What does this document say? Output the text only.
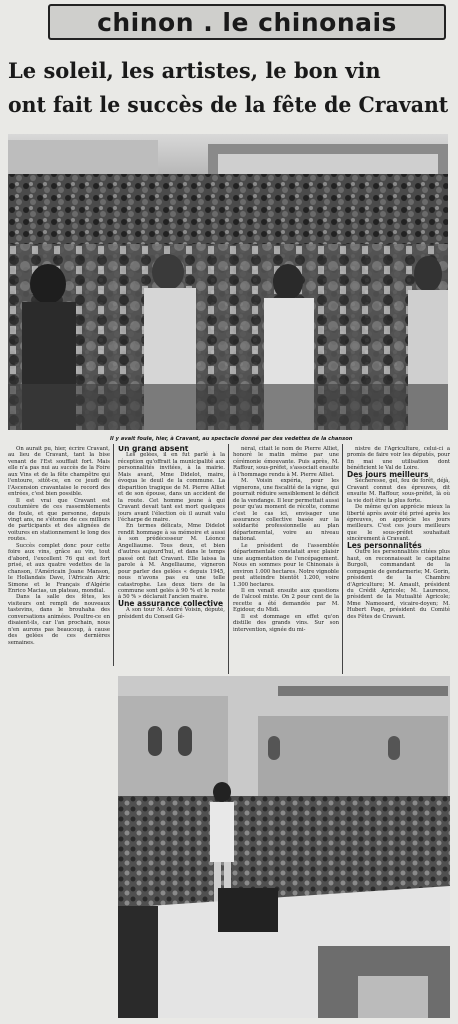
chinon . le chinonais
Le soleil, les artistes, le bon vin
ont fait le succès de la fête de Cravant
Il y avait foule, hier, à Cravant, au spectacle donné par des vedettes de la chanson

On aurait pu, hier, écrire Cravant, au lieu de Cravant, tant la bise venant de l'Est soufflait fort. Mais elle n'a pas nui au succès de la Foire aux Vins et de la fête champêtre qui l'entoure, sitôt-ce, en ce jeudi de l'Ascension cravantaise le record des entrées, c'est bien possible.

Il est vrai que Cravant est coutumière de ces rassemblements de foule, et que personne, depuis vingt ans, ne s'étonne de ces milliers de participants et des alignées de voitures en stationnement le long des routes.

Succès complet donc pour cette foire aux vins, grâce au vin, tout d'abord, l'excellent 76 qui est fort prisé, et aux quatre vedettes de la chanson, l'Américain Joane Manson, le Hollandais Dave, l'Africain Afric Simone et le Français d'Algérie Enrico Macias, un plateau, mondial.

Dans la salle des fêtes, les visiteurs ont rempli de nouveaux tastevins, dans le brouhaha des conversations animées. Poultre-ce en disaient-ils, car l'an prochain, nous n'en aurons pas beaucoup, à cause des gelées de ces dernières semaines.

Un grand absent

Les gelées, il en fut parlé à la réception qu'offrait la municipalité aux personnalités invitées, à la mairie. Mais avant, Mme Didelot, maire, évoqua le deuil de la commune. La disparition tragique de M. Pierre Alliet et de son épouse, dans un accident de la route. Cet homme jeune à qui Cravant devait tant est mort quelques jours avant l'élection où il aurait valu l'écharpe de maire.

En termes délicats, Mme Didelot rendit hommage à sa mémoire et aussi à son prédécesseur M. Léonce Angelliaume. Tous deux, et bien d'autres aujourd'hui, et dans le temps passé ont fait Cravant. Elle laissa la parole à M. Angelliaume, vigneron pour parler des gelées « depuis 1945, nous n'avons pas eu une telle catastrophe. Les deux tiers de la commune sont gelés à 90 % et le reste à 50 % » déclarait l'ancien maire.

Une assurance collective

A son tour M. André Voisin, député, président du Conseil Gé-

néral, citait le nom de Pierre Alliet, honoré le matin même par une cérémonie émouvante. Puis après, M. Raffour, sous-préfet, s'associait ensuite à l'hommage rendu à M. Pierre Alliet.

M. Voisin expéria, pour les vignerons, une fiscalité de la vigne, qui pourrait réduire sensiblement le déficit de la vendange. Il leur permettait aussi pour qu'au moment de récolte, comme c'est le cas ici, envisager une assurance collective basée sur la solidarité professionnelle au plan départemental, voire au niveau national.

Le président de l'assemblée départementale constatait avec plaisir une augmentation de l'encépagement. Nous en sommes pour le Chinonais à environ 1.000 hectares. Notre vignoble peut atteindre bientôt 1.200, voire 1.300 hectares.

Il en venait ensuite aux questions de l'alcool mixte. On 2 pour cent de la recette a été demandée par M. Egidour, du Midi.

Il est dommage en effet qu'on distille des grands vins. Sur son intervention, signée du mi-

nistre de l'Agriculture, celui-ci a promis de faire voir les députés, pour fin mai une utilisation dont bénéficient le Val de Loire.

Des jours meilleurs

Sécheresse, gel, feu de forêt, déjà, Cravant connut des épreuves, dit ensuite M. Raffour, sous-préfet, là où la vie doit être la plus forte.

De même qu'on apprécie mieux la liberté après avoir été privé après les épreuves, on apprécie les jours meilleurs. C'est ces jours meilleurs que le sous-préfet souhaitait sincèrement à Cravant.

Les personnalités

Outre les personnalités citées plus haut, on reconnaissait le capitaine Burgoli, commandant de la compagnie de gendarmerie; M. Gorin, président de la Chambre d'Agriculture; M. Amault, président du Crédit Agricole; M. Laurence, président de la Mutualité Agricole; Mme Nameoard, vicaire-doyen; M. Hubert Page, président du Comité des Fêtes de Cravant.
